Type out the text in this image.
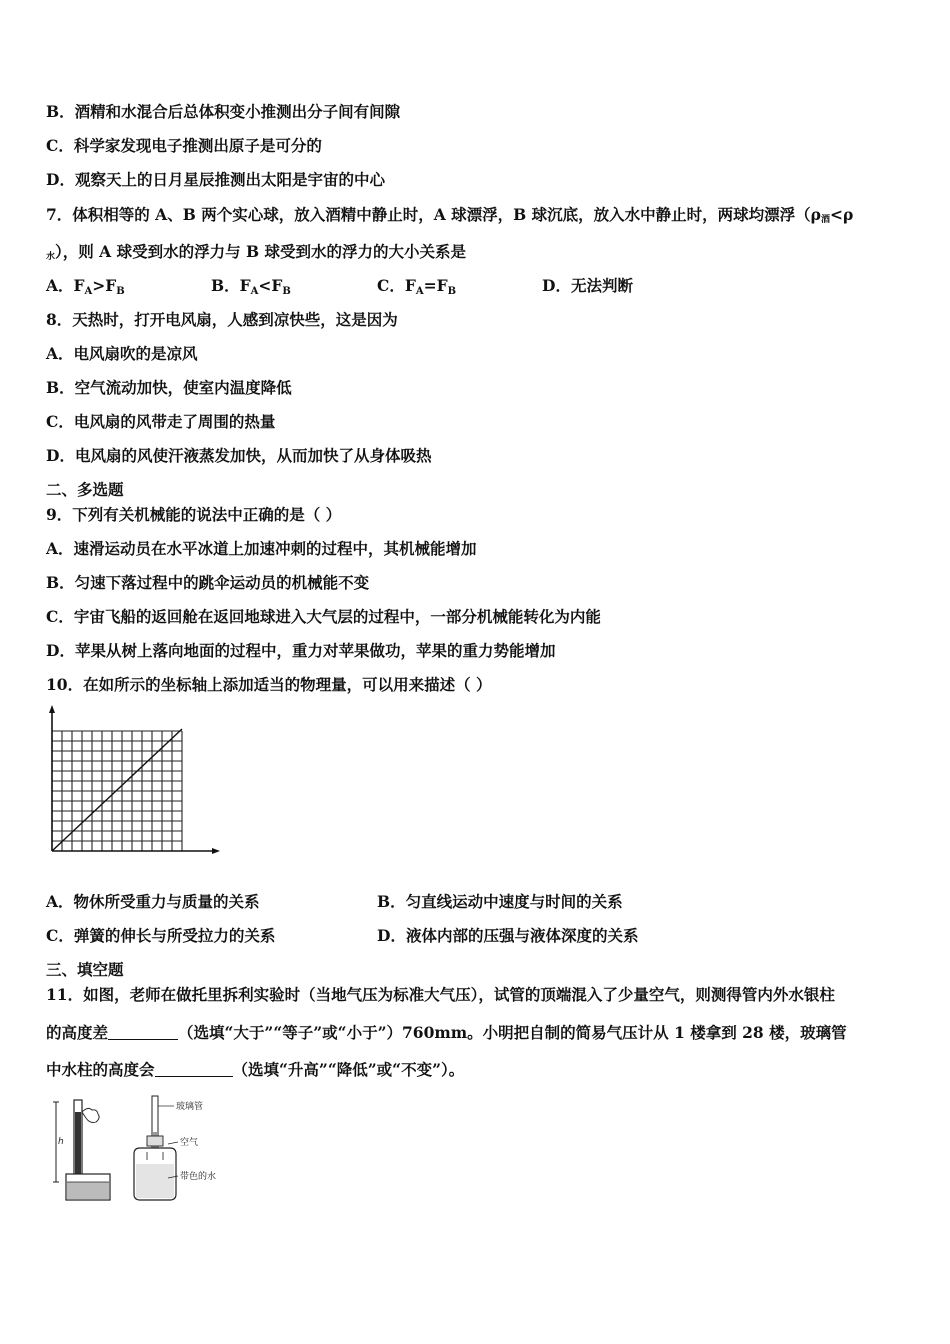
B．酒精和水混合后总体积变小推测出分子间有间隙
C．科学家发现电子推测出原子是可分的
D．观察天上的日月星辰推测出太阳是宇宙的中心
7．体积相等的 A、B 两个实心球，放入酒精中静止时，A 球漂浮，B 球沉底，放入水中静止时，两球均漂浮（ρ酒<ρ
水），则 A 球受到水的浮力与 B 球受到水的浮力的大小关系是
A．$F_A>F_B$	B．$F_A<F_B$	C．$F_A=F_B$	D．无法判断
8．天热时，打开电风扇，人感到凉快些，这是因为
A．电风扇吹的是凉风
B．空气流动加快，使室内温度降低
C．电风扇的风带走了周围的热量
D．电风扇的风使汗液蒸发加快，从而加快了从身体吸热
二、多选题
9．下列有关机械能的说法中正确的是（ ）
A．速滑运动员在水平冰道上加速冲刺的过程中，其机械能增加
B．匀速下落过程中的跳伞运动员的机械能不变
C．宇宙飞船的返回舱在返回地球进入大气层的过程中，一部分机械能转化为内能
D．苹果从树上落向地面的过程中，重力对苹果做功，苹果的重力势能增加
10．在如所示的坐标轴上添加适当的物理量，可以用来描述（ ）
A．物休所受重力与质量的关系	B．匀直线运动中速度与时间的关系
C．弹簧的伸长与所受拉力的关系	D．液体内部的压强与液体深度的关系
三、填空题
11．如图，老师在做托里拆利实验时（当地气压为标准大气压），试管的顶端混入了少量空气，则测得管内外水银柱
的高度差	（选填“大于”“等子”或“小于”）760mm。小明把自制的简易气压计从 1 楼拿到 28 楼，玻璃管
中水柱的高度会	（选填“升高”“降低”或“不变”）。
h
玻璃管
空气
带色的水
